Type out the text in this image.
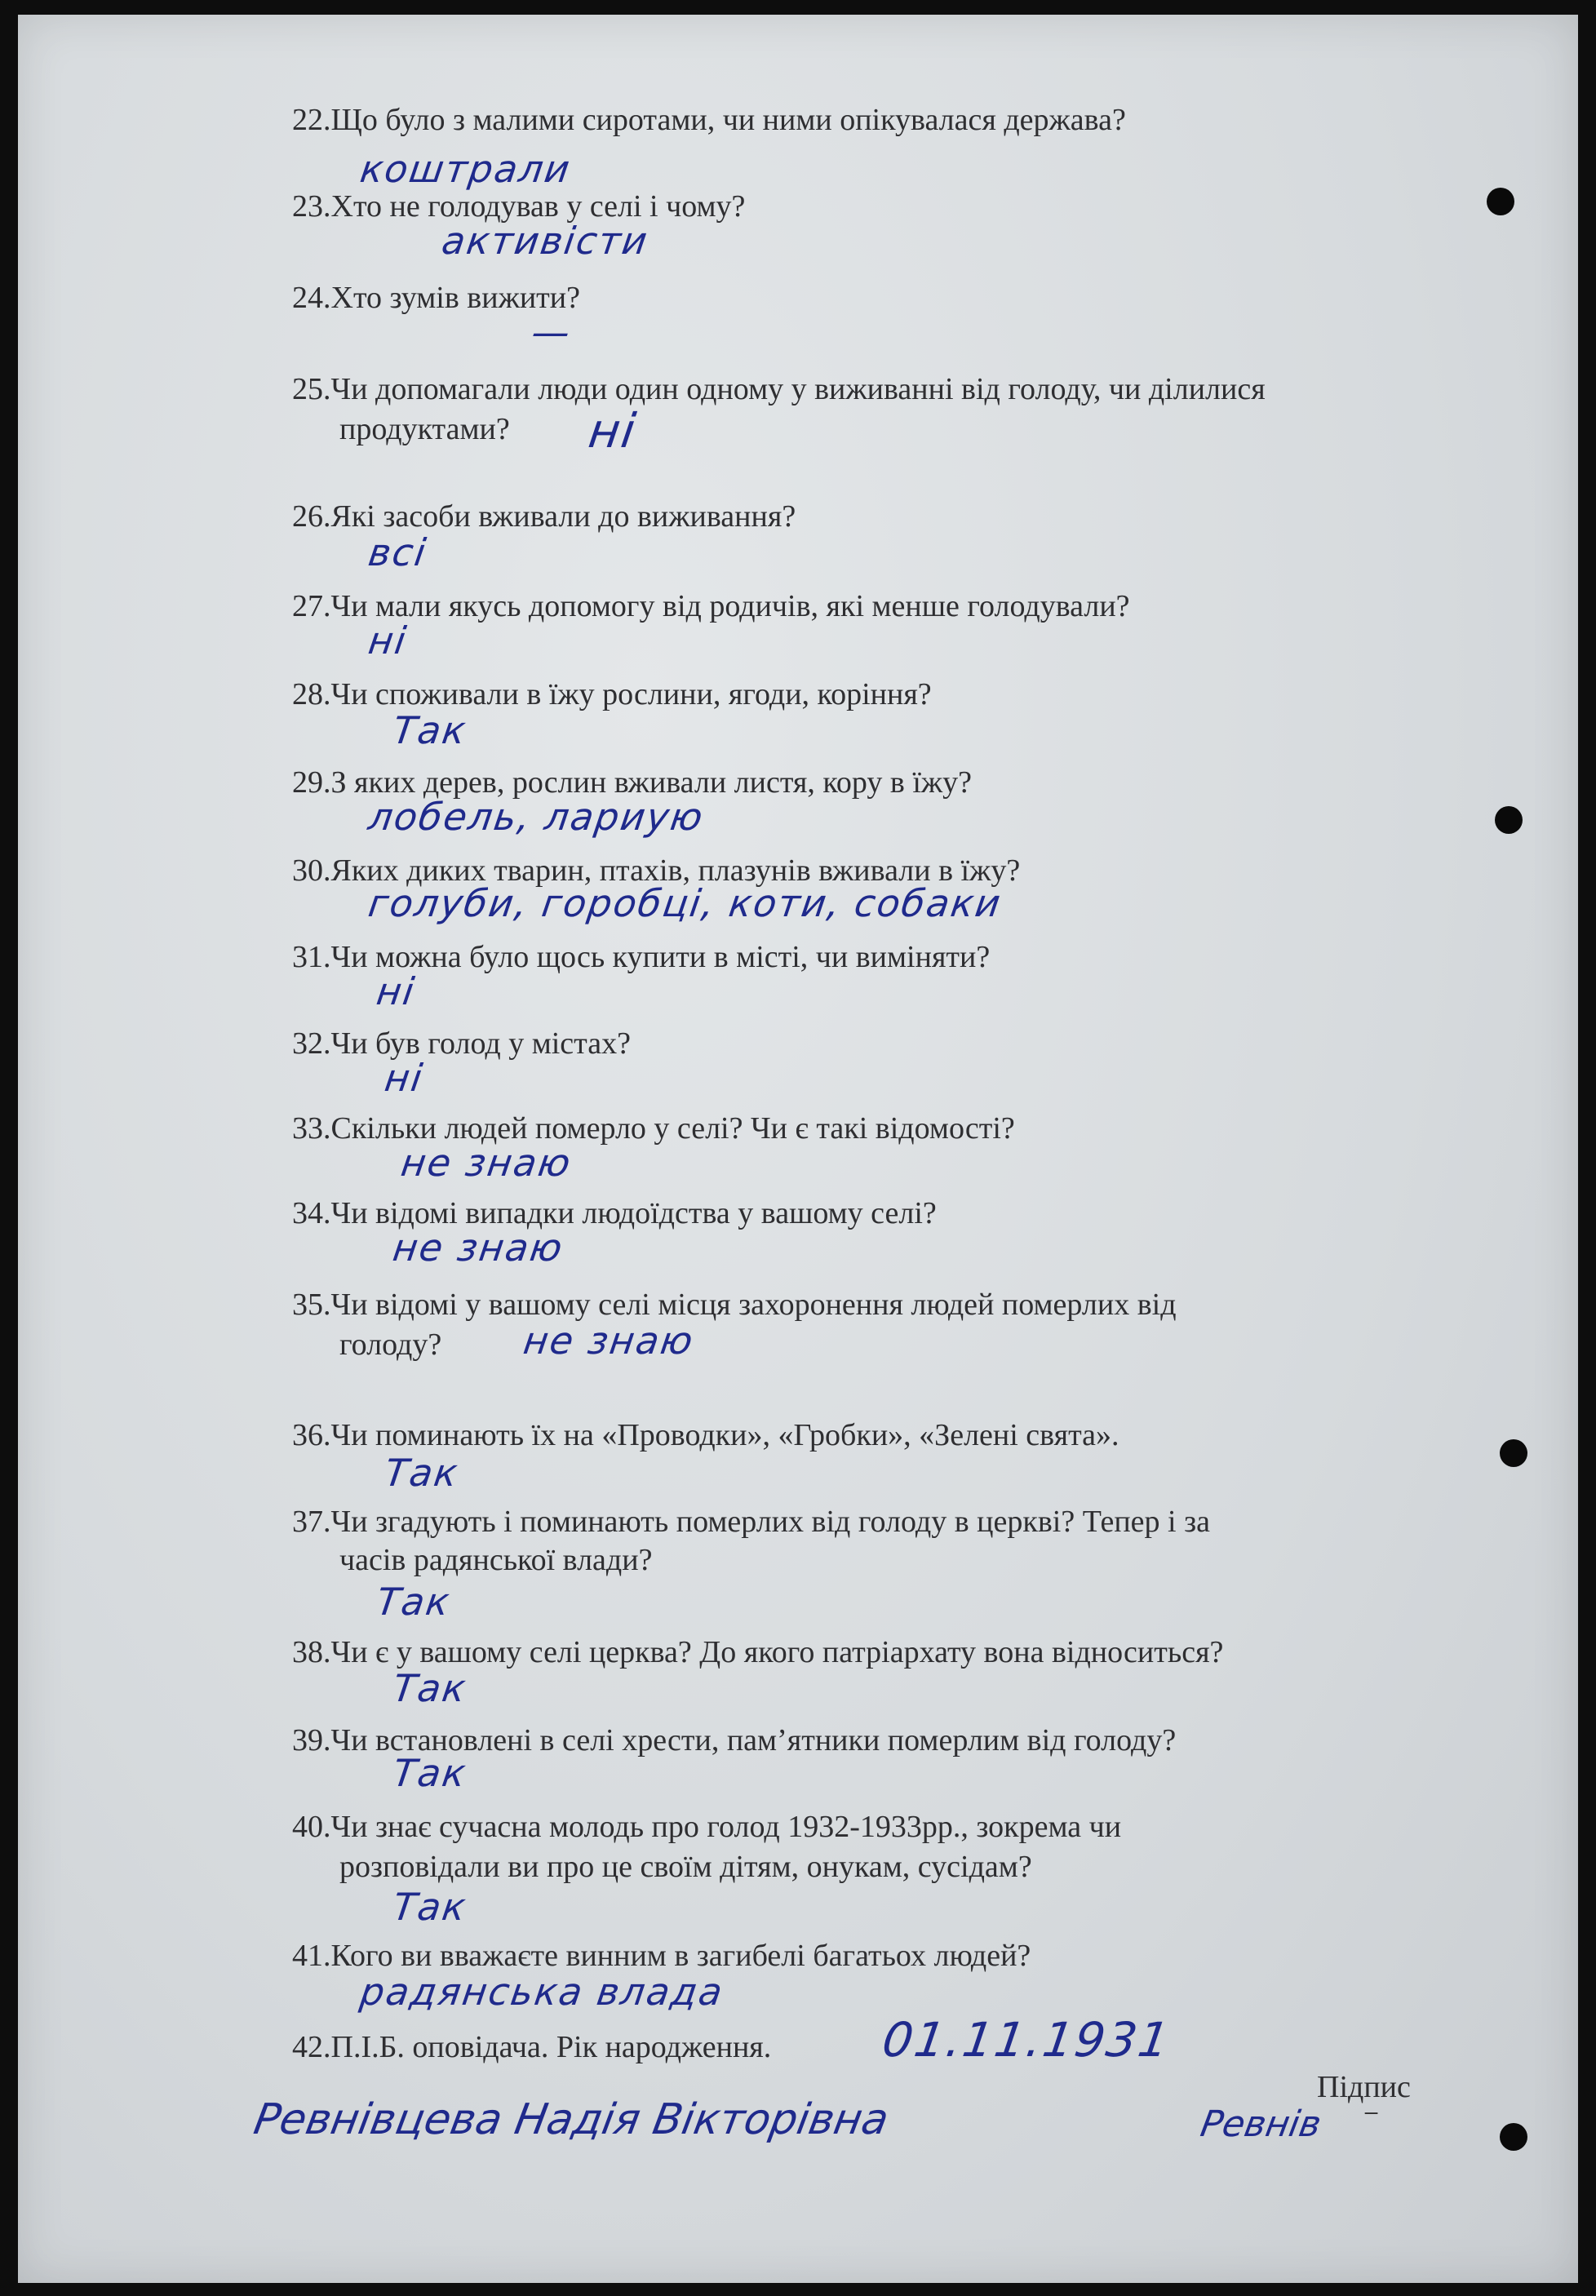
22.Що було з малими сиротами, чи ними опікувалася держава?
коштрали
23.Хто не голодував у селі і чому?
активісти
24.Хто зумів вижити?
—
25.Чи допомагали люди один одному у виживанні від голоду, чи ділилися
продуктами? ні
26.Які засоби вживали до виживання?
всі
27.Чи мали якусь допомогу від родичів, які менше голодували?
ні
28.Чи споживали в їжу рослини, ягоди, коріння?
Так
29.З яких дерев, рослин вживали листя, кору в їжу?
лобель, лариую
30.Яких диких тварин, птахів, плазунів вживали в їжу?
голуби, горобці, коти, собаки
31.Чи можна було щось купити в місті, чи виміняти?
ні
32.Чи був голод у містах?
ні
33.Скільки людей померло у селі? Чи є такі відомості?
не знаю
34.Чи відомі випадки людоїдства у вашому селі?
не знаю
35.Чи відомі у вашому селі місця захоронення людей померлих від
голоду? не знаю
36.Чи поминають їх на «Проводки», «Гробки», «Зелені свята».
Так
37.Чи згадують і поминають померлих від голоду в церкві? Тепер і за
часів радянської влади?
Так
38.Чи є у вашому селі церква? До якого патріархату вона відноситься?
Так
39.Чи встановлені в селі хрести, пам’ятники померлим від голоду?
Так
40.Чи знає сучасна молодь про голод 1932-1933рр., зокрема чи
розповідали ви про це своїм дітям, онукам, сусідам?
Так
41.Кого ви вважаєте винним в загибелі багатьох людей?
радянська влада
42.П.І.Б. оповідача. Рік народження. 01.11.1931
Підпис
Ревнівцева Надія Вікторівна	Ревнів ⁻
